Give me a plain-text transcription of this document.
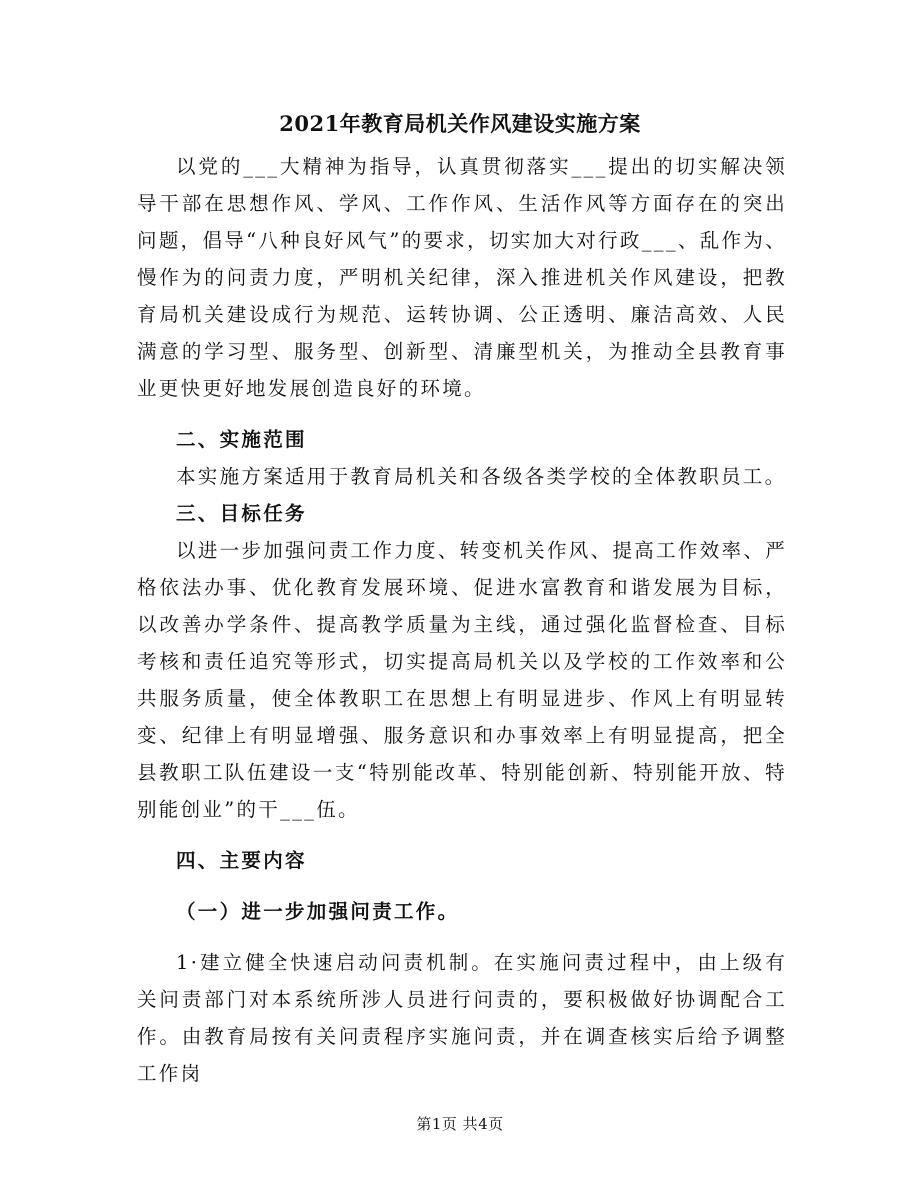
2021年教育局机关作风建设实施方案

以党的___大精神为指导，认真贯彻落实___提出的切实解决领导干部在思想作风、学风、工作作风、生活作风等方面存在的突出问题，倡导“八种良好风气”的要求，切实加大对行政___、乱作为、慢作为的问责力度，严明机关纪律，深入推进机关作风建设，把教育局机关建设成行为规范、运转协调、公正透明、廉洁高效、人民满意的学习型、服务型、创新型、清廉型机关，为推动全县教育事业更快更好地发展创造良好的环境。

二、实施范围

本实施方案适用于教育局机关和各级各类学校的全体教职员工。

三、目标任务

以进一步加强问责工作力度、转变机关作风、提高工作效率、严格依法办事、优化教育发展环境、促进水富教育和谐发展为目标，以改善办学条件、提高教学质量为主线，通过强化监督检查、目标考核和责任追究等形式，切实提高局机关以及学校的工作效率和公共服务质量，使全体教职工在思想上有明显进步、作风上有明显转变、纪律上有明显增强、服务意识和办事效率上有明显提高，把全县教职工队伍建设一支“特别能改革、特别能创新、特别能开放、特别能创业”的干___伍。

四、主要内容

（一）进一步加强问责工作。

1·建立健全快速启动问责机制。在实施问责过程中，由上级有关问责部门对本系统所涉人员进行问责的，要积极做好协调配合工作。由教育局按有关问责程序实施问责，并在调查核实后给予调整工作岗

第1页 共4页
